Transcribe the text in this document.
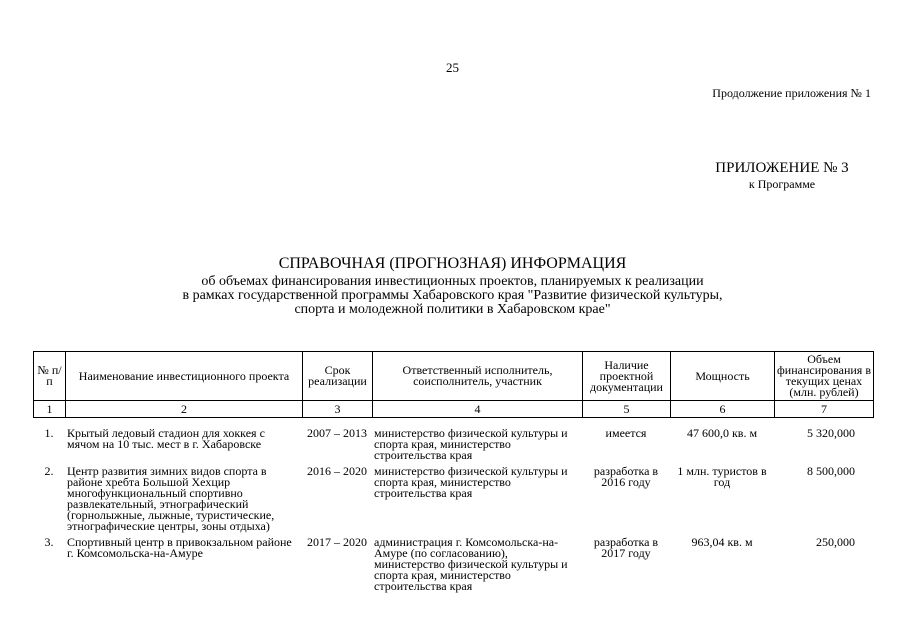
25
Продолжение приложения № 1
ПРИЛОЖЕНИЕ № 3
к Программе
СПРАВОЧНАЯ (ПРОГНОЗНАЯ) ИНФОРМАЦИЯ
об объемах финансирования инвестиционных проектов, планируемых к реализации
в рамках государственной программы Хабаровского края "Развитие физической культуры,
спорта и молодежной политики в Хабаровском крае"
№ п/п	Наименование инвестиционного проекта	Срок реализации	Ответственный исполнитель, соисполнитель, участник	Наличие проектной документации	Мощность	Объем финансирования в текущих ценах (млн. рублей)
1	2	3	4	5	6	7
1.	Крытый ледовый стадион для хоккея с мячом на 10 тыс. мест в г. Хабаровске	2007 – 2013	министерство физической культуры и спорта края, министерство строительства края	имеется	47 600,0 кв. м	5 320,000
2.	Центр развития зимних видов спорта в районе хребта Большой Хехцир многофункциональный спортивно развлекательный, этнографический (горнолыжные, лыжные, туристические, этнографические центры, зоны отдыха)	2016 – 2020	министерство физической культуры и спорта края, министерство строительства края	разработка в 2016 году	1 млн. туристов в год	8 500,000
3.	Спортивный центр в привокзальном районе г. Комсомольска-на-Амуре	2017 – 2020	администрация г. Комсомольска-на-Амуре (по согласованию), министерство физической культуры и спорта края, министерство строительства края	разработка в 2017 году	963,04 кв. м	250,000
